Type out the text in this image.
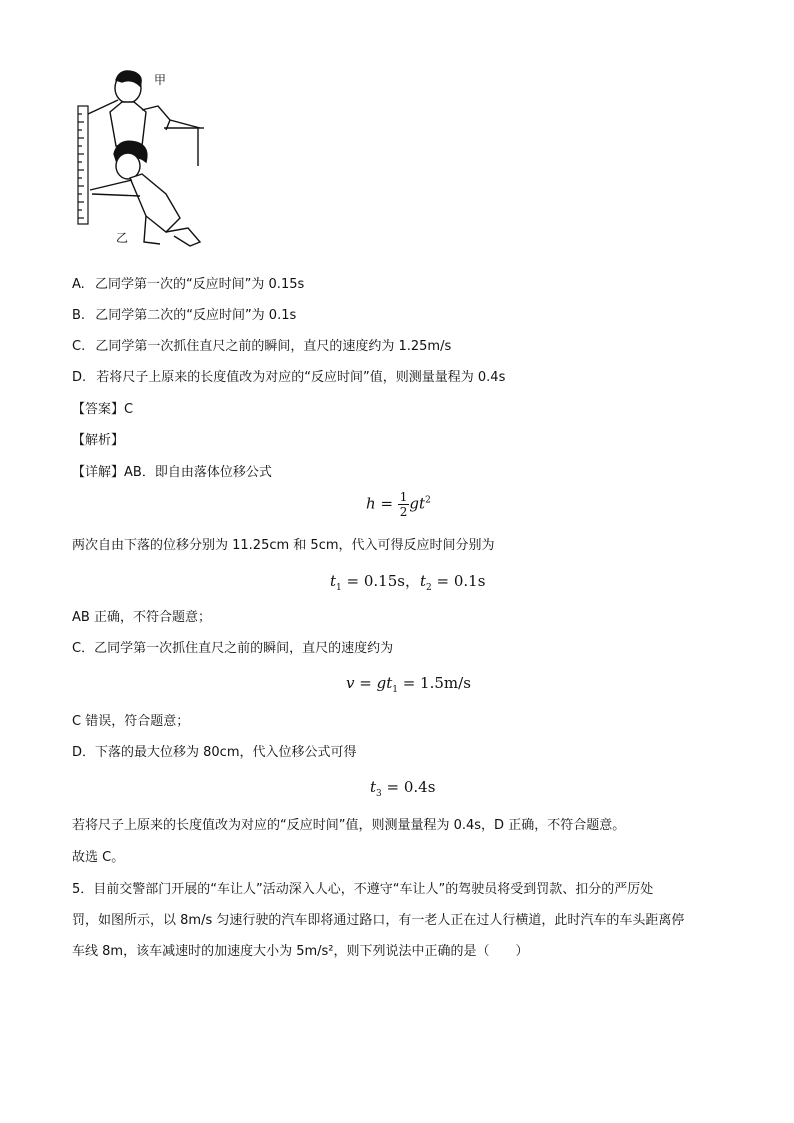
甲
乙
A. 乙同学第一次的“反应时间”为 0.15s
B. 乙同学第二次的“反应时间”为 0.1s
C. 乙同学第一次抓住直尺之前的瞬间，直尺的速度约为 1.25m/s
D. 若将尺子上原来的长度值改为对应的“反应时间”值，则测量量程为 0.4s
【答案】C
【解析】
【详解】AB．即自由落体位移公式
$h = \frac{1}{2} gt^2$
两次自由下落的位移分别为 11.25cm 和 5cm，代入可得反应时间分别为
$t_1 = 0.15s$，$t_2 = 0.1s$
AB 正确，不符合题意；
C．乙同学第一次抓住直尺之前的瞬间，直尺的速度约为
$v = gt_1 = 1.5m/s$
C 错误，符合题意；
D．下落的最大位移为 80cm，代入位移公式可得
$t_3 = 0.4s$
若将尺子上原来的长度值改为对应的“反应时间”值，则测量量程为 0.4s，D 正确，不符合题意。
故选 C。
5．目前交警部门开展的“车让人”活动深入人心，不遵守“车让人”的驾驶员将受到罚款、扣分的严厉处
罚，如图所示，以 8m/s 匀速行驶的汽车即将通过路口，有一老人正在过人行横道，此时汽车的车头距离停
车线 8m，该车减速时的加速度大小为 5m/s²，则下列说法中正确的是（　　）
